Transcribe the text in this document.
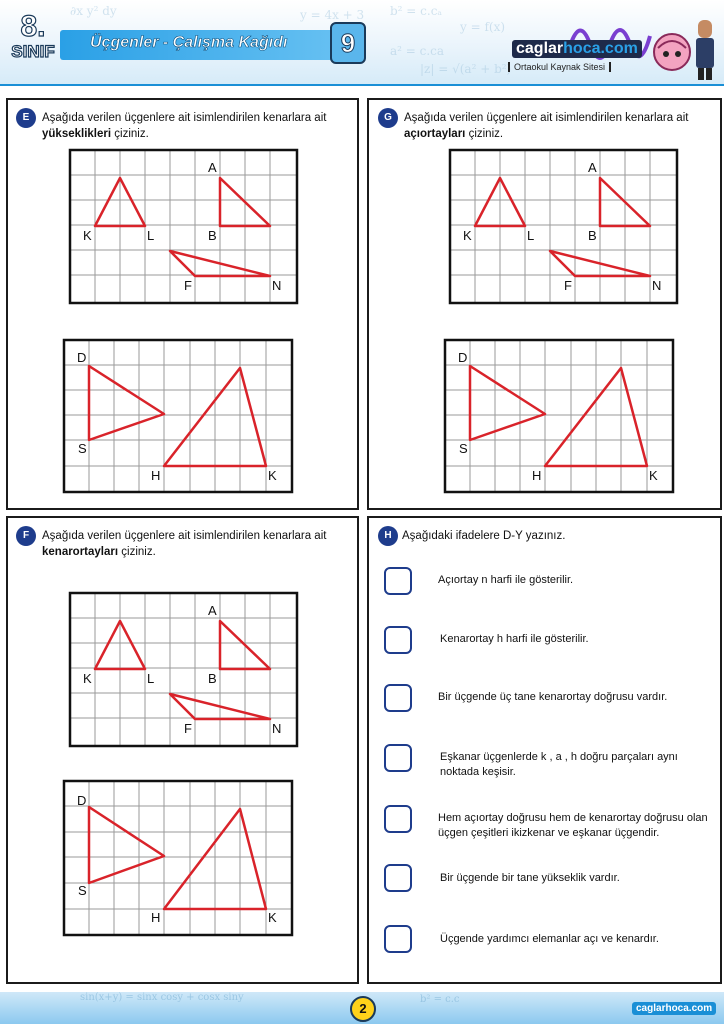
∂x y² dy	y = 4x + 3 b² = c.cₐ
a² = c.ca
|z| = √(a² + b²)
y = f(x)
9
8.
SINIF Üçgenler - Çalışma Kağıdı	caglarhoca.com
Ortaokul Kaynak Sitesi
E	Aşağıda verilen üçgenlere ait isimlendirilen kenarlara ait
yükseklikleri çiziniz.
K	L
A
B
F	N
D
S
H	K
G	Aşağıda verilen üçgenlere ait isimlendirilen kenarlara ait
açıortayları çiziniz.
K	L
A
B
F	N
D
S
H	K
F	Aşağıda verilen üçgenlere ait isimlendirilen kenarlara ait
kenarortayları çiziniz.
K	L
A
B
F	N
D
S
H	K
H Aşağıdaki ifadelere D-Y yazınız.
Açıortay n harfi ile gösterilir.
Kenarortay h harfi ile gösterilir.
Bir üçgende üç tane kenarortay doğrusu vardır.
Eşkanar üçgenlerde k , a , h doğru parçaları aynı noktada keşisir.
Hem açıortay doğrusu hem de kenarortay doğrusu olan üçgen çeşitleri ikizkenar ve eşkanar üçgendir.
Bir üçgende bir tane yükseklik vardır.
Üçgende yardımcı elemanlar açı ve kenardır.
sin(x+y) = sinx cosy + cosx siny	b² = c.c
2	caglarhoca.com
